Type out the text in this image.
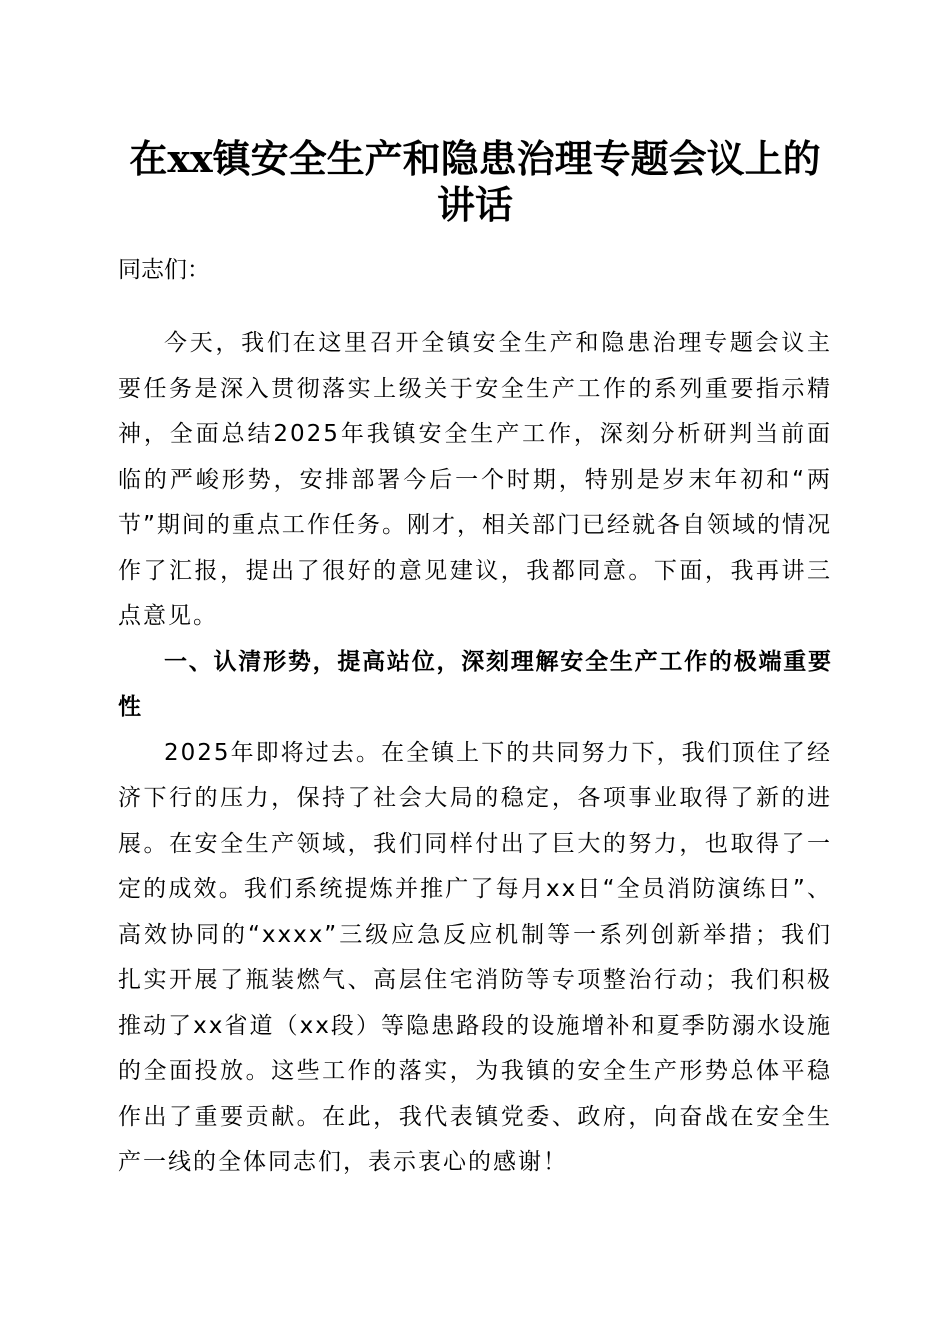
在xx镇安全生产和隐患治理专题会议上的讲话

同志们：

今天，我们在这里召开全镇安全生产和隐患治理专题会议主要任务是深入贯彻落实上级关于安全生产工作的系列重要指示精神，全面总结2025年我镇安全生产工作，深刻分析研判当前面临的严峻形势，安排部署今后一个时期，特别是岁末年初和“两节”期间的重点工作任务。刚才，相关部门已经就各自领域的情况作了汇报，提出了很好的意见建议，我都同意。下面，我再讲三点意见。

一、认清形势，提高站位，深刻理解安全生产工作的极端重要性

2025年即将过去。在全镇上下的共同努力下，我们顶住了经济下行的压力，保持了社会大局的稳定，各项事业取得了新的进展。在安全生产领域，我们同样付出了巨大的努力，也取得了一定的成效。我们系统提炼并推广了每月xx日“全员消防演练日”、高效协同的“xxxx”三级应急反应机制等一系列创新举措；我们扎实开展了瓶装燃气、高层住宅消防等专项整治行动；我们积极推动了xx省道（xx段）等隐患路段的设施增补和夏季防溺水设施的全面投放。这些工作的落实，为我镇的安全生产形势总体平稳作出了重要贡献。在此，我代表镇党委、政府，向奋战在安全生产一线的全体同志们，表示衷心的感谢！
